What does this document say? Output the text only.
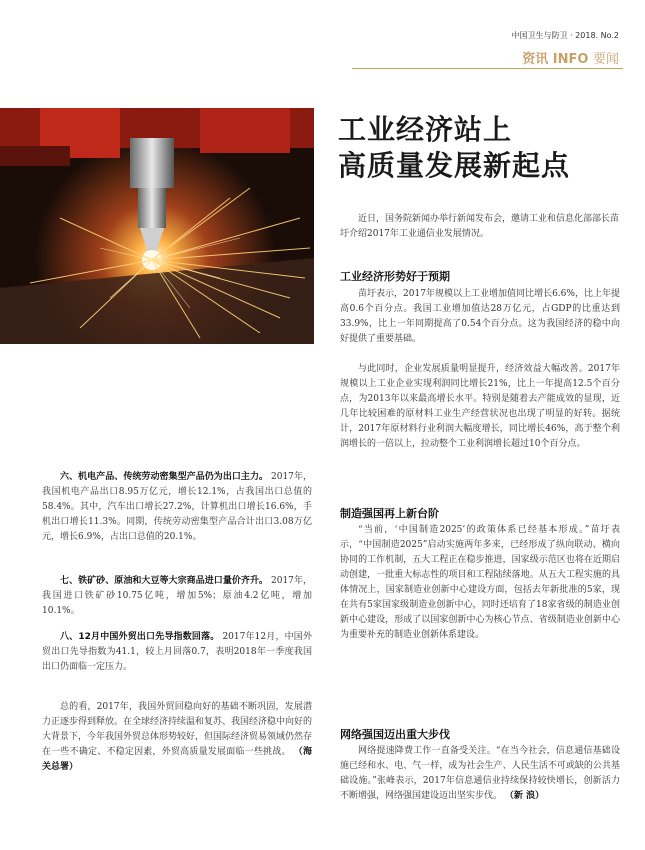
中国卫生与防卫 · 2018. No.2
资讯 INFO 要闻
工业经济站上
高质量发展新起点
近日，国务院新闻办举行新闻发布会，邀请工业和信息化部部长苗圩介绍2017年工业通信业发展情况。
工业经济形势好于预期
苗圩表示，2017年规模以上工业增加值同比增长6.6%，比上年提高0.6个百分点。我国工业增加值达28万亿元，占GDP的比重达到33.9%，比上一年同期提高了0.54个百分点。这为我国经济的稳中向好提供了重要基础。
与此同时，企业发展质量明显提升，经济效益大幅改善。2017年规模以上工业企业实现利润同比增长21%，比上一年提高12.5个百分点，为2013年以来最高增长水平。特别是随着去产能成效的显现，近几年比较困难的原材料工业生产经营状况也出现了明显的好转。据统计，2017年原材料行业利润大幅度增长，同比增长46%，高于整个利润增长的一倍以上，拉动整个工业利润增长超过10个百分点。
制造强国再上新台阶
“当前，‘中国制造2025’的政策体系已经基本形成。”苗圩表示，“中国制造2025”启动实施两年多来，已经形成了纵向联动、横向协同的工作机制，五大工程正在稳步推进，国家级示范区也将在近期启动创建，一批重大标志性的项目和工程陆续落地。从五大工程实施的具体情况上，国家制造业创新中心建设方面，包括去年新批准的5家，现在共有5家国家级制造业创新中心，同时还培育了18家省级的制造业创新中心建设，形成了以国家创新中心为核心节点、省级制造业创新中心为重要补充的制造业创新体系建设。
网络强国迈出重大步伐
网络提速降费工作一直备受关注。“在当今社会，信息通信基础设施已经和水、电、气一样，成为社会生产、人民生活不可或缺的公共基础设施。”张峰表示，2017年信息通信业持续保持较快增长，创新活力不断增强，网络强国建设迈出坚实步伐。 （新 浪）
六、机电产品、传统劳动密集型产品仍为出口主力。 2017年，我国机电产品出口8.95万亿元，增长12.1%，占我国出口总值的58.4%。其中，汽车出口增长27.2%，计算机出口增长16.6%，手机出口增长11.3%。同期，传统劳动密集型产品合计出口3.08万亿元，增长6.9%，占出口总值的20.1%。
七、铁矿砂、原油和大豆等大宗商品进口量价齐升。 2017年，我国进口铁矿砂10.75亿吨，增加5%；原油4.2亿吨，增加10.1%。
八、12月中国外贸出口先导指数回落。 2017年12月，中国外贸出口先导指数为41.1，较上月回落0.7，表明2018年一季度我国出口仍面临一定压力。
总的看，2017年，我国外贸回稳向好的基础不断巩固，发展潜力正逐步得到释放。在全球经济持续温和复苏、我国经济稳中向好的大背景下，今年我国外贸总体形势较好，但国际经济贸易领域仍然存在一些不确定、不稳定因素，外贸高质量发展面临一些挑战。 （海关总署）
